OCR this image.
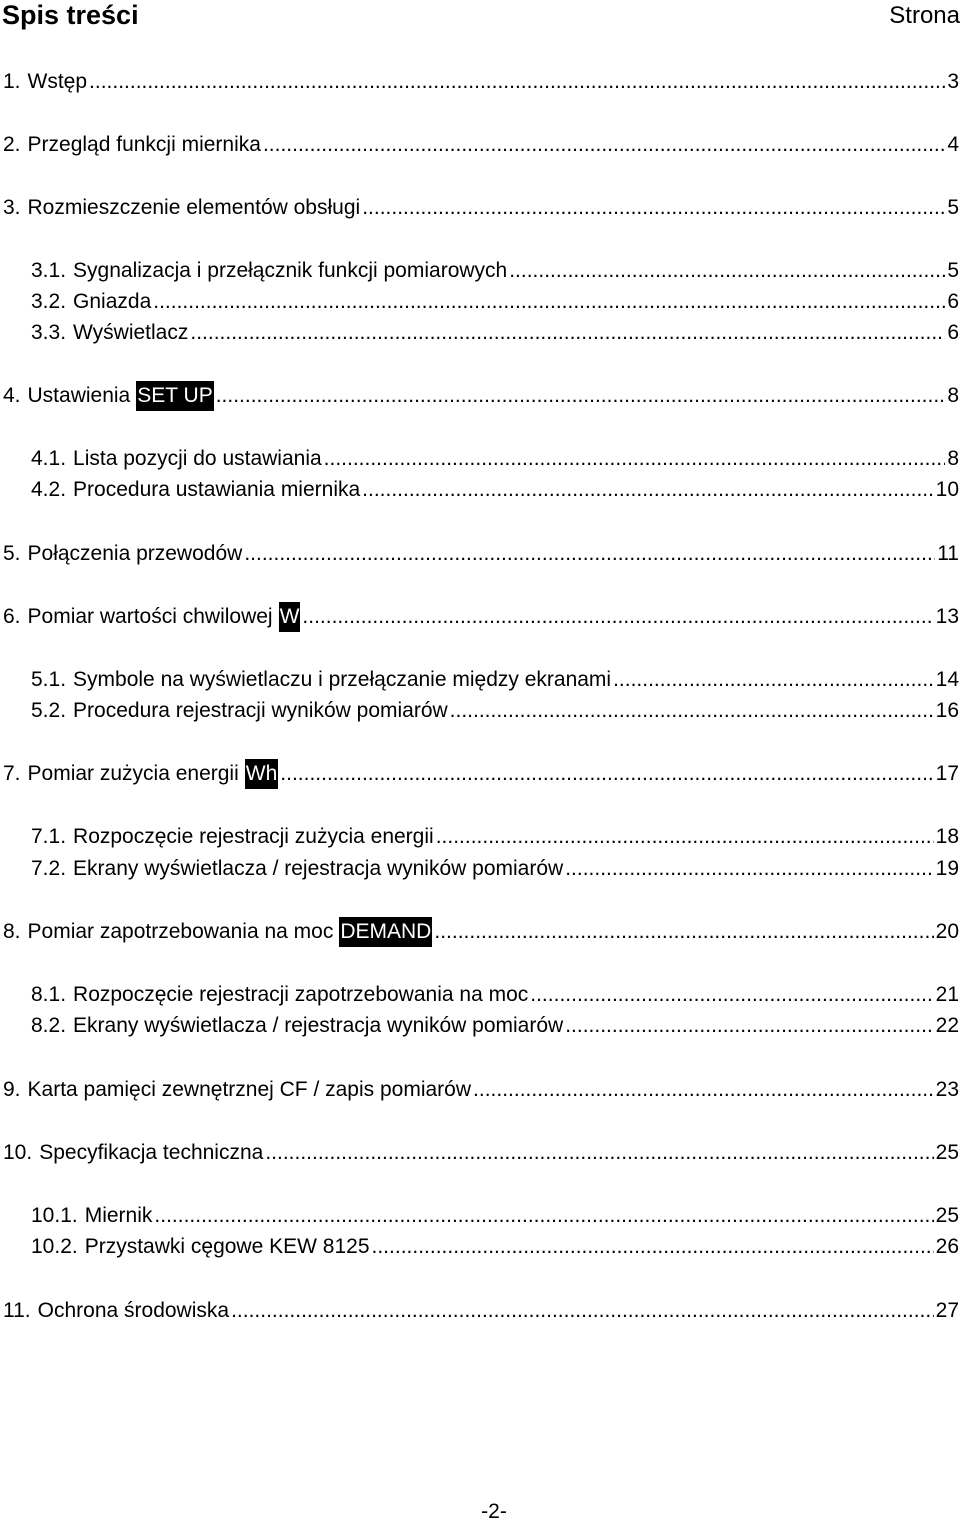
Spis treści	Strona
1. Wstęp .....	3
2. Przegląd funkcji miernika .....	4
3. Rozmieszczenie elementów obsługi .....	5
3.1. Sygnalizacja i przełącznik funkcji pomiarowych .....	5
3.2. Gniazda .....	6
3.3. Wyświetlacz .....	6
4. Ustawienia SET UP .....	8
4.1. Lista pozycji do ustawiania .....	8
4.2. Procedura ustawiania miernika .....	10
5. Połączenia przewodów .....	11
6. Pomiar wartości chwilowej W .....	13
5.1. Symbole na wyświetlaczu i przełączanie między ekranami .....	14
5.2. Procedura rejestracji wyników pomiarów .....	16
7. Pomiar zużycia energii Wh .....	17
7.1. Rozpoczęcie rejestracji zużycia energii .....	18
7.2. Ekrany wyświetlacza / rejestracja wyników pomiarów .....	19
8. Pomiar zapotrzebowania na moc DEMAND .....	20
8.1. Rozpoczęcie rejestracji zapotrzebowania na moc .....	21
8.2. Ekrany wyświetlacza / rejestracja wyników pomiarów .....	22
9. Karta pamięci zewnętrznej CF / zapis pomiarów .....	23
10. Specyfikacja techniczna .....	25
10.1. Miernik .....	25
10.2. Przystawki cęgowe KEW 8125 .....	26
11. Ochrona środowiska .....	27
-2-
